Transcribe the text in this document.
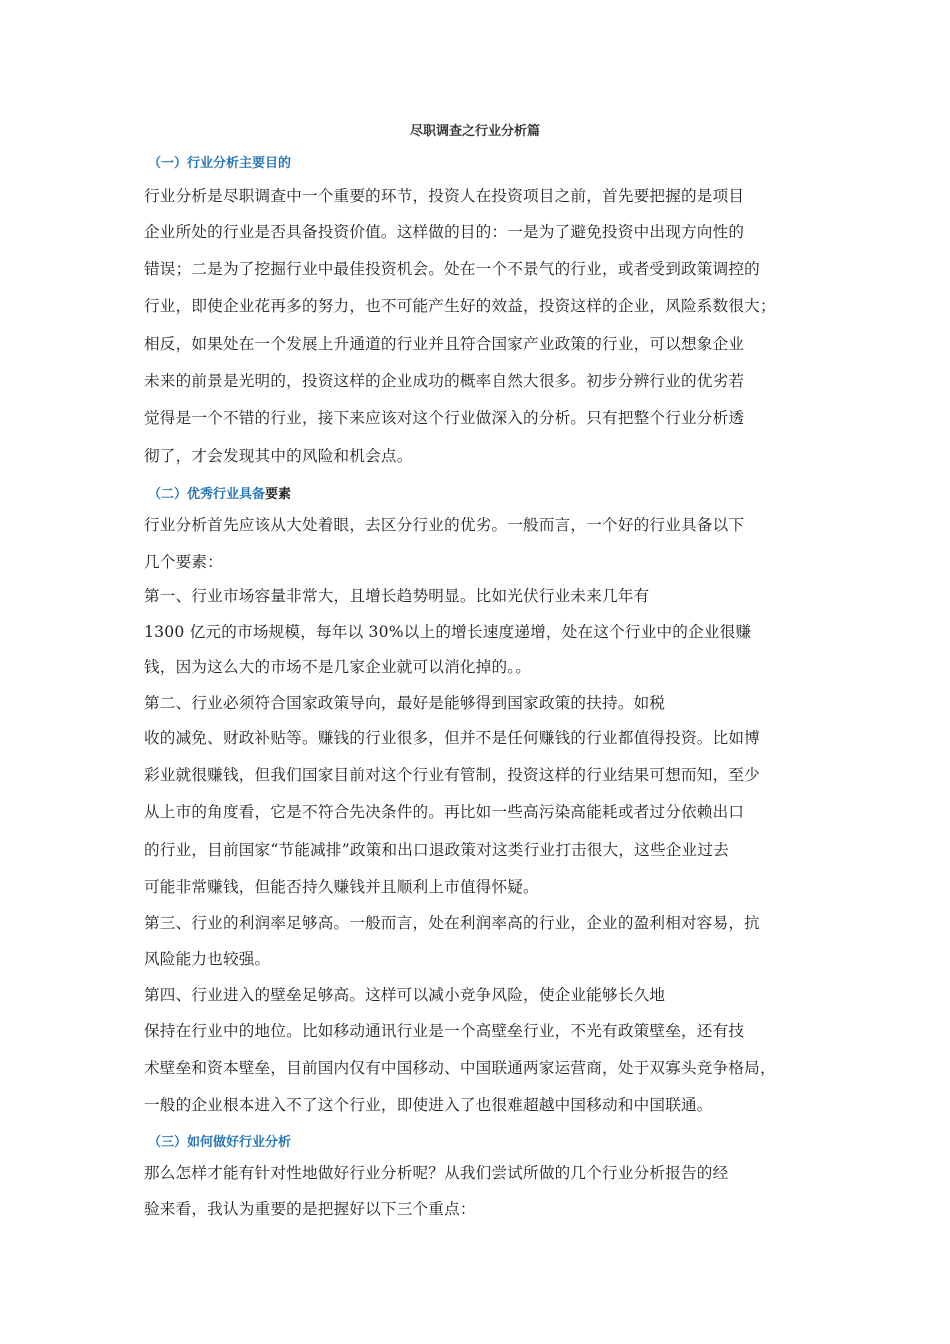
尽职调查之行业分析篇
（一）行业分析主要目的
行业分析是尽职调查中一个重要的环节，投资人在投资项目之前，首先要把握的是项目
企业所处的行业是否具备投资价值。这样做的目的：一是为了避免投资中出现方向性的
错误；二是为了挖掘行业中最佳投资机会。处在一个不景气的行业，或者受到政策调控的
行业，即使企业花再多的努力，也不可能产生好的效益，投资这样的企业，风险系数很大；
相反，如果处在一个发展上升通道的行业并且符合国家产业政策的行业，可以想象企业
未来的前景是光明的，投资这样的企业成功的概率自然大很多。初步分辨行业的优劣若
觉得是一个不错的行业，接下来应该对这个行业做深入的分析。只有把整个行业分析透
彻了，才会发现其中的风险和机会点。
（二）优秀行业具备要素
行业分析首先应该从大处着眼，去区分行业的优劣。一般而言，一个好的行业具备以下
几个要素：
第一、行业市场容量非常大，且增长趋势明显。比如光伏行业未来几年有
1300 亿元的市场规模，每年以 30%以上的增长速度递增，处在这个行业中的企业很赚
钱，因为这么大的市场不是几家企业就可以消化掉的。。
第二、行业必须符合国家政策导向，最好是能够得到国家政策的扶持。如税
收的减免、财政补贴等。赚钱的行业很多，但并不是任何赚钱的行业都值得投资。比如博
彩业就很赚钱，但我们国家目前对这个行业有管制，投资这样的行业结果可想而知，至少
从上市的角度看，它是不符合先决条件的。再比如一些高污染高能耗或者过分依赖出口
的行业，目前国家“节能减排”政策和出口退政策对这类行业打击很大，这些企业过去
可能非常赚钱，但能否持久赚钱并且顺利上市值得怀疑。
第三、行业的利润率足够高。一般而言，处在利润率高的行业，企业的盈利相对容易，抗
风险能力也较强。
第四、行业进入的壁垒足够高。这样可以减小竞争风险，使企业能够长久地
保持在行业中的地位。比如移动通讯行业是一个高壁垒行业，不光有政策壁垒，还有技
术壁垒和资本壁垒，目前国内仅有中国移动、中国联通两家运营商，处于双寡头竞争格局，
一般的企业根本进入不了这个行业，即使进入了也很难超越中国移动和中国联通。
（三）如何做好行业分析
那么怎样才能有针对性地做好行业分析呢？从我们尝试所做的几个行业分析报告的经
验来看，我认为重要的是把握好以下三个重点：
